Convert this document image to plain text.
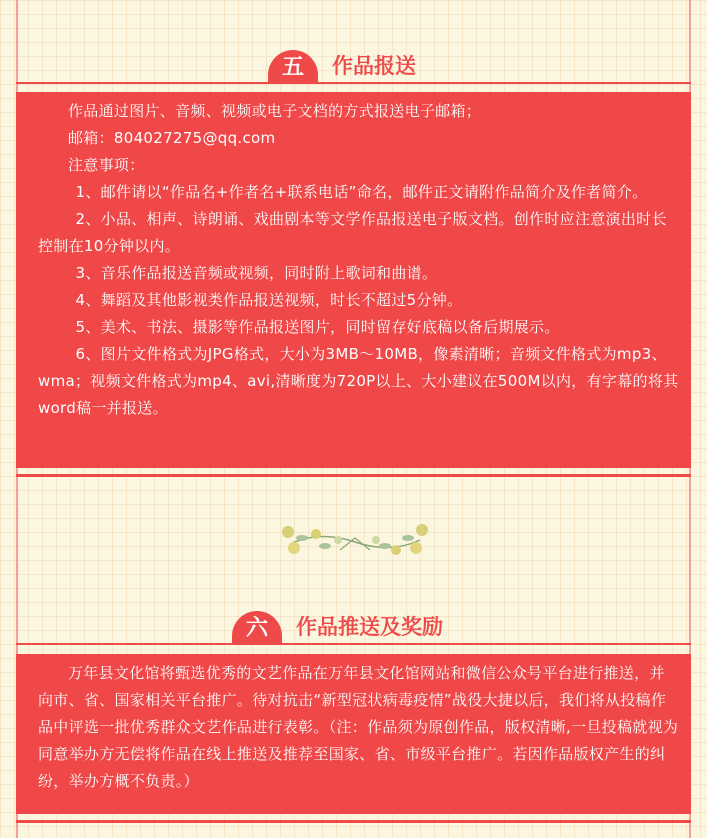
五	作品报送

作品通过图片、音频、视频或电子文档的方式报送电子邮箱；

邮箱：804027275@qq.com

注意事项：

1、邮件请以“作品名+作者名+联系电话”命名，邮件正文请附作品简介及作者简介。

2、小品、相声、诗朗诵、戏曲剧本等文学作品报送电子版文档。创作时应注意演出时长控制在10分钟以内。

3、音乐作品报送音频或视频，同时附上歌词和曲谱。

4、舞蹈及其他影视类作品报送视频，时长不超过5分钟。

5、美术、书法、摄影等作品报送图片，同时留存好底稿以备后期展示。

6、图片文件格式为JPG格式，大小为3MB～10MB，像素清晰；音频文件格式为mp3、wma；视频文件格式为mp4、avi,清晰度为720P以上、大小建议在500M以内，有字幕的将其word稿一并报送。

六	作品推送及奖励

万年县文化馆将甄选优秀的文艺作品在万年县文化馆网站和微信公众号平台进行推送，并向市、省、国家相关平台推广。待对抗击“新型冠状病毒疫情”战役大捷以后，我们将从投稿作品中评选一批优秀群众文艺作品进行表彰。（注：作品须为原创作品，版权清晰,一旦投稿就视为同意举办方无偿将作品在线上推送及推荐至国家、省、市级平台推广。若因作品版权产生的纠纷，举办方概不负责。）
